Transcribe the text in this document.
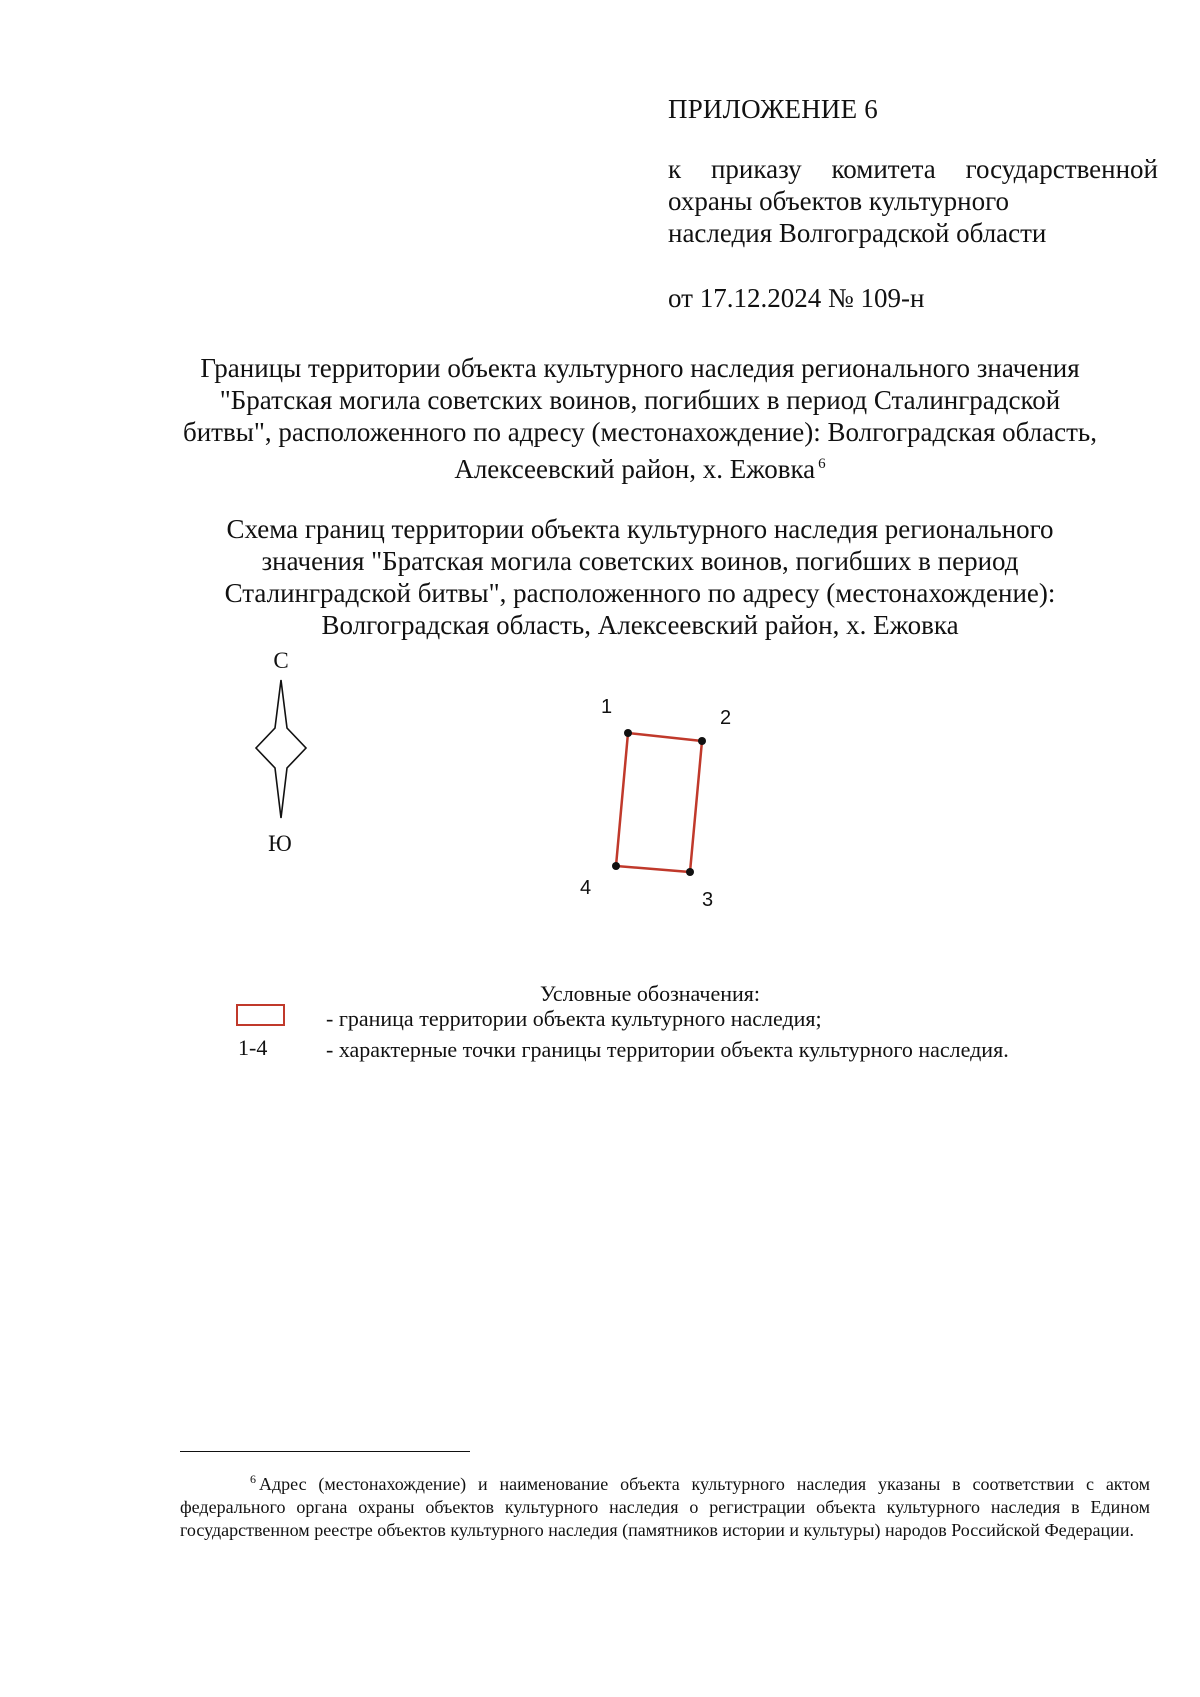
ПРИЛОЖЕНИЕ 6
к приказу комитета государственной
охраны объектов культурного
наследия Волгоградской области
от 17.12.2024 № 109-н
Границы территории объекта культурного наследия регионального значения
"Братская могила советских воинов, погибших в период Сталинградской
битвы", расположенного по адресу (местонахождение): Волгоградская область,
Алексеевский район, х. Ежовка $^6$
Схема границ территории объекта культурного наследия регионального
значения "Братская могила советских воинов, погибших в период
Сталинградской битвы", расположенного по адресу (местонахождение):
Волгоградская область, Алексеевский район, х. Ежовка
С
Ю
1	2
3
4
Условные обозначения:
- граница территории объекта культурного наследия;
1-4	- характерные точки границы территории объекта культурного наследия.
$^6$ Адрес (местонахождение) и наименование объекта культурного наследия указаны в соответствии с актом федерального органа охраны объектов культурного наследия о регистрации объекта культурного наследия в Едином государственном реестре объектов культурного наследия (памятников истории и культуры) народов Российской Федерации.
